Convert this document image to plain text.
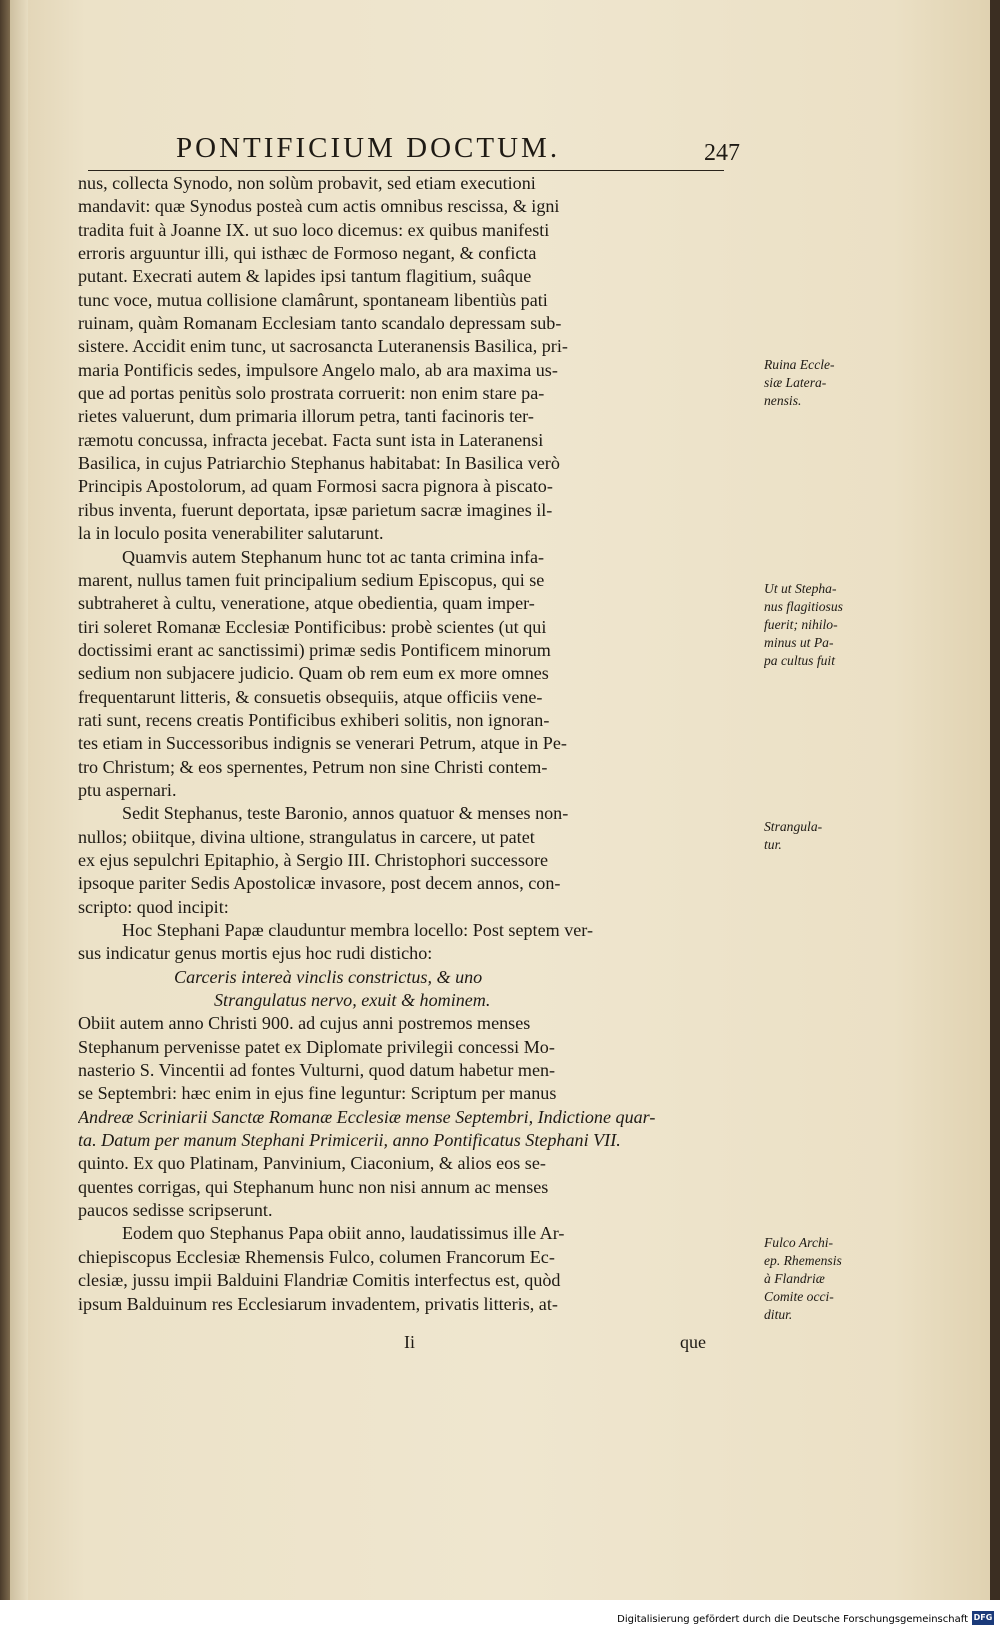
PONTIFICIUM DOCTUM.	247
nus, collecta Synodo, non solùm probavit, sed etiam executioni
mandavit: quæ Synodus posteà cum actis omnibus rescissa, & igni
tradita fuit à Joanne IX. ut suo loco dicemus: ex quibus manifesti
erroris arguuntur illi, qui isthæc de Formoso negant, & conficta
putant. Execrati autem & lapides ipsi tantum flagitium, suâque
tunc voce, mutua collisione clamârunt, spontaneam libentiùs pati
ruinam, quàm Romanam Ecclesiam tanto scandalo depressam sub-
sistere. Accidit enim tunc, ut sacrosancta Luteranensis Basilica, pri-
maria Pontificis sedes, impulsore Angelo malo, ab ara maxima us-
que ad portas penitùs solo prostrata corruerit: non enim stare pa-
rietes valuerunt, dum primaria illorum petra, tanti facinoris ter-
ræmotu concussa, infracta jecebat. Facta sunt ista in Lateranensi
Basilica, in cujus Patriarchio Stephanus habitabat: In Basilica verò
Principis Apostolorum, ad quam Formosi sacra pignora à piscato-
ribus inventa, fuerunt deportata, ipsæ parietum sacræ imagines il-
la in loculo posita venerabiliter salutarunt.
Quamvis autem Stephanum hunc tot ac tanta crimina infa-
marent, nullus tamen fuit principalium sedium Episcopus, qui se
subtraheret à cultu, veneratione, atque obedientia, quam imper-
tiri soleret Romanæ Ecclesiæ Pontificibus: probè scientes (ut qui
doctissimi erant ac sanctissimi) primæ sedis Pontificem minorum
sedium non subjacere judicio. Quam ob rem eum ex more omnes
frequentarunt litteris, & consuetis obsequiis, atque officiis vene-
rati sunt, recens creatis Pontificibus exhiberi solitis, non ignoran-
tes etiam in Successoribus indignis se venerari Petrum, atque in Pe-
tro Christum; & eos spernentes, Petrum non sine Christi contem-
ptu aspernari.
Sedit Stephanus, teste Baronio, annos quatuor & menses non-
nullos; obiitque, divina ultione, strangulatus in carcere, ut patet
ex ejus sepulchri Epitaphio, à Sergio III. Christophori successore
ipsoque pariter Sedis Apostolicæ invasore, post decem annos, con-
scripto: quod incipit:
Hoc Stephani Papæ clauduntur membra locello: Post septem ver-
sus indicatur genus mortis ejus hoc rudi disticho:
Carceris intereà vinclis constrictus, & uno
Strangulatus nervo, exuit & hominem.
Obiit autem anno Christi 900. ad cujus anni postremos menses
Stephanum pervenisse patet ex Diplomate privilegii concessi Mo-
nasterio S. Vincentii ad fontes Vulturni, quod datum habetur men-
se Septembri: hæc enim in ejus fine leguntur: Scriptum per manus
Andreæ Scriniarii Sanctæ Romanæ Ecclesiæ mense Septembri, Indictione quar-
ta. Datum per manum Stephani Primicerii, anno Pontificatus Stephani VII.
quinto. Ex quo Platinam, Panvinium, Ciaconium, & alios eos se-
quentes corrigas, qui Stephanum hunc non nisi annum ac menses
paucos sedisse scripserunt.
Eodem quo Stephanus Papa obiit anno, laudatissimus ille Ar-
chiepiscopus Ecclesiæ Rhemensis Fulco, columen Francorum Ec-
clesiæ, jussu impii Balduini Flandriæ Comitis interfectus est, quòd
ipsum Balduinum res Ecclesiarum invadentem, privatis litteris, at-
Ruina Eccle-
siæ Latera-
nensis.
Ut ut Stepha-
nus flagitiosus
fuerit; nihilo-
minus ut Pa-
pa cultus fuit
Strangula-
tur.
Fulco Archi-
ep. Rhemensis
à Flandriæ
Comite occi-
ditur.
Ii	que
Digitalisierung gefördert durch die Deutsche Forschungsgemeinschaft DFG
